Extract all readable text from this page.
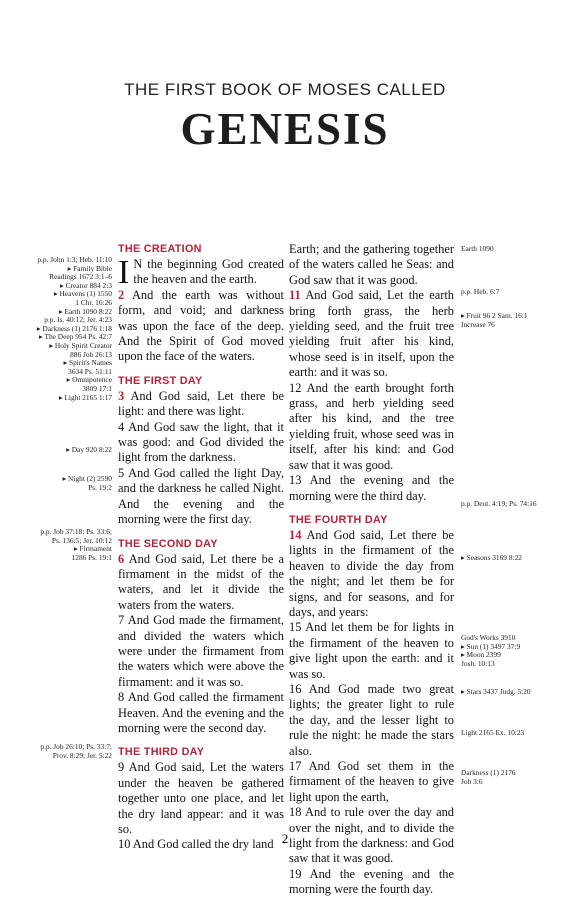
THE FIRST BOOK OF MOSES CALLED
GENESIS
p.p. John 1:3; Heb. 11:10
▸ Family Bible
Readings 1672 3:1–6
▸ Creator 884 2:3
▸ Heavens (1) 1550
1 Chr. 16:26
▸ Earth 1090 8:22
p.p. Is. 40:12; Jer. 4:23
▸ Darkness (1) 2176 1:18
▸ The Deep 954 Ps. 42:7
▸ Holy Spirit Creator
886 Job 26:13
▸ Spirit's Names
3634 Ps. 51:11
▸ Omnipotence
3809 17:1
▸ Light 2165 1:17
▸ Day 920 8:22
▸ Night (2) 2590
Ps. 19:2
p.p. Job 37:18; Ps. 33:6;
Ps. 136:5; Jer. 10:12
▸ Firmament
1286 Ps. 19:1
p.p. Job 26:10; Ps. 33:7;
Prov. 8:29; Jer. 5:22
THE CREATION

I N the beginning God created the heaven and the earth.

2 And the earth was without form, and void; and darkness was upon the face of the deep. And the Spirit of God moved upon the face of the waters.

THE FIRST DAY

3 And God said, Let there be light: and there was light.

4 And God saw the light, that it was good: and God divided the light from the darkness.

5 And God called the light Day, and the darkness he called Night. And the evening and the morning were the first day.

THE SECOND DAY

6 And God said, Let there be a firmament in the midst of the waters, and let it divide the waters from the waters.

7 And God made the firmament, and divided the waters which were under the firmament from the waters which were above the firmament: and it was so.

8 And God called the firmament Heaven. And the evening and the morning were the second day.

THE THIRD DAY

9 And God said, Let the waters under the heaven be gathered together unto one place, and let the dry land appear: and it was so.

10 And God called the dry land

Earth; and the gathering together of the waters called he Seas: and God saw that it was good.

11 And God said, Let the earth bring forth grass, the herb yielding seed, and the fruit tree yielding fruit after his kind, whose seed is in itself, upon the earth: and it was so.

12 And the earth brought forth grass, and herb yielding seed after his kind, and the tree yielding fruit, whose seed was in itself, after his kind: and God saw that it was good.

13 And the evening and the morning were the third day.

THE FOURTH DAY

14 And God said, Let there be lights in the firmament of the heaven to divide the day from the night; and let them be for signs, and for seasons, and for days, and years:

15 And let them be for lights in the firmament of the heaven to give light upon the earth: and it was so.

16 And God made two great lights; the greater light to rule the day, and the lesser light to rule the night: he made the stars also.

17 And God set them in the firmament of the heaven to give light upon the earth,

18 And to rule over the day and over the night, and to divide the light from the darkness: and God saw that it was good.

19 And the evening and the morning were the fourth day.

Earth 1090
p.p. Heb. 6:7
▸ Fruit 96 2 Sam. 16:1
Increase 76
p.p. Deut. 4:19; Ps. 74:16
▸ Seasons 3169 8:22
God's Works 3910
▸ Sun (1) 3497 37:9
▸ Moon 2399
Josh. 10:13
▸ Stars 3437 Judg. 5:20
Light 2165 Ex. 10:23
Darkness (1) 2176
Job 3:6
2
